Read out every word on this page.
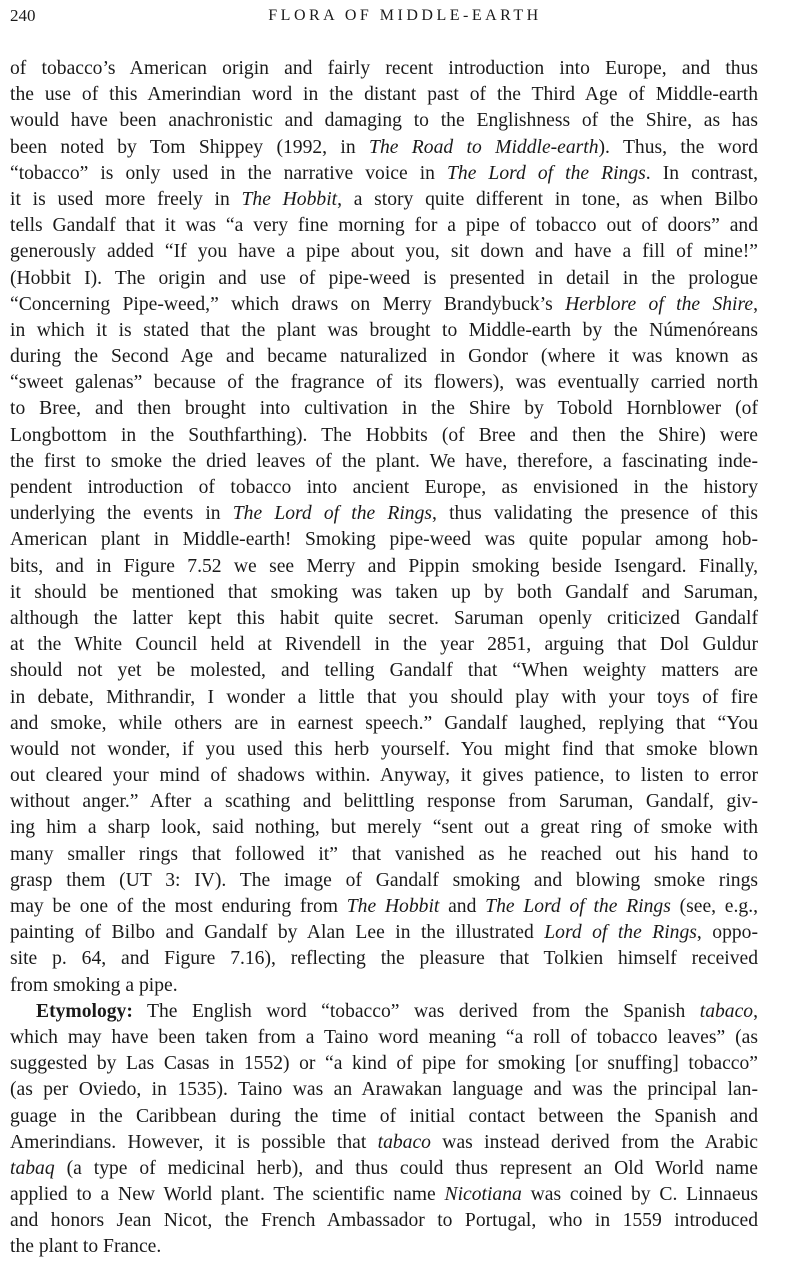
240	FLORA OF MIDDLE-EARTH
of tobacco’s American origin and fairly recent introduction into Europe, and thus
the use of this Amerindian word in the distant past of the Third Age of Middle-earth
would have been anachronistic and damaging to the Englishness of the Shire, as has
been noted by Tom Shippey (1992, in The Road to Middle-earth). Thus, the word
“tobacco” is only used in the narrative voice in The Lord of the Rings. In contrast,
it is used more freely in The Hobbit, a story quite different in tone, as when Bilbo
tells Gandalf that it was “a very fine morning for a pipe of tobacco out of doors” and
generously added “If you have a pipe about you, sit down and have a fill of mine!”
(Hobbit I). The origin and use of pipe-weed is presented in detail in the prologue
“Concerning Pipe-weed,” which draws on Merry Brandybuck’s Herblore of the Shire,
in which it is stated that the plant was brought to Middle-earth by the Númenóreans
during the Second Age and became naturalized in Gondor (where it was known as
“sweet galenas” because of the fragrance of its flowers), was eventually carried north
to Bree, and then brought into cultivation in the Shire by Tobold Hornblower (of
Longbottom in the Southfarthing). The Hobbits (of Bree and then the Shire) were
the first to smoke the dried leaves of the plant. We have, therefore, a fascinating inde-
pendent introduction of tobacco into ancient Europe, as envisioned in the history
underlying the events in The Lord of the Rings, thus validating the presence of this
American plant in Middle-earth! Smoking pipe-weed was quite popular among hob-
bits, and in Figure 7.52 we see Merry and Pippin smoking beside Isengard. Finally,
it should be mentioned that smoking was taken up by both Gandalf and Saruman,
although the latter kept this habit quite secret. Saruman openly criticized Gandalf
at the White Council held at Rivendell in the year 2851, arguing that Dol Guldur
should not yet be molested, and telling Gandalf that “When weighty matters are
in debate, Mithrandir, I wonder a little that you should play with your toys of fire
and smoke, while others are in earnest speech.” Gandalf laughed, replying that “You
would not wonder, if you used this herb yourself. You might find that smoke blown
out cleared your mind of shadows within. Anyway, it gives patience, to listen to error
without anger.” After a scathing and belittling response from Saruman, Gandalf, giv-
ing him a sharp look, said nothing, but merely “sent out a great ring of smoke with
many smaller rings that followed it” that vanished as he reached out his hand to
grasp them (UT 3: IV). The image of Gandalf smoking and blowing smoke rings
may be one of the most enduring from The Hobbit and The Lord of the Rings (see, e.g.,
painting of Bilbo and Gandalf by Alan Lee in the illustrated Lord of the Rings, oppo-
site p. 64, and Figure 7.16), reflecting the pleasure that Tolkien himself received
from smoking a pipe.
Etymology: The English word “tobacco” was derived from the Spanish tabaco,
which may have been taken from a Taino word meaning “a roll of tobacco leaves” (as
suggested by Las Casas in 1552) or “a kind of pipe for smoking [or snuffing] tobacco”
(as per Oviedo, in 1535). Taino was an Arawakan language and was the principal lan-
guage in the Caribbean during the time of initial contact between the Spanish and
Amerindians. However, it is possible that tabaco was instead derived from the Arabic
tabaq (a type of medicinal herb), and thus could thus represent an Old World name
applied to a New World plant. The scientific name Nicotiana was coined by C. Linnaeus
and honors Jean Nicot, the French Ambassador to Portugal, who in 1559 introduced
the plant to France.
